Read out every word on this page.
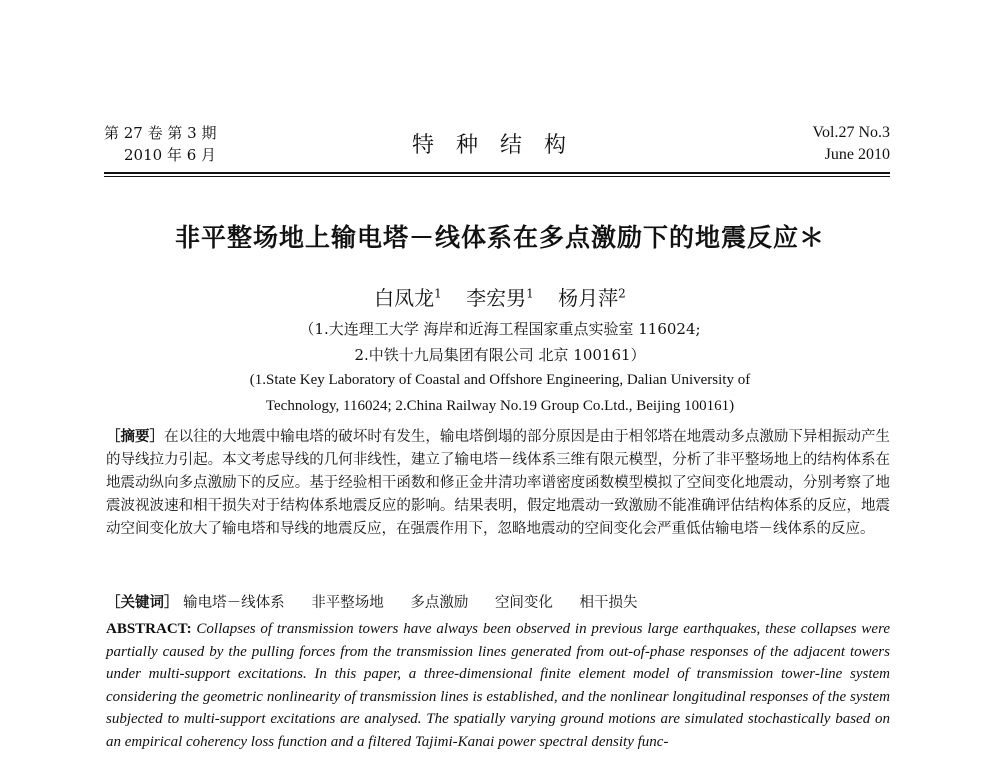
第 27 卷 第 3 期
2010 年 6 月	特种结构
Vol.27 No.3
June 2010
非平整场地上输电塔－线体系在多点激励下的地震反应＊
白凤龙$^1$ 李宏男$^1$ 杨月萍$^2$
（1.大连理工大学 海岸和近海工程国家重点实验室 116024;
2.中铁十九局集团有限公司 北京 100161）
(1.State Key Laboratory of Coastal and Offshore Engineering, Dalian University of
Technology, 116024; 2.China Railway No.19 Group Co.Ltd., Beijing 100161)
［摘要］在以往的大地震中输电塔的破坏时有发生，输电塔倒塌的部分原因是由于相邻塔在地震动多点激励下异相振动产生的导线拉力引起。本文考虑导线的几何非线性，建立了输电塔－线体系三维有限元模型，分析了非平整场地上的结构体系在地震动纵向多点激励下的反应。基于经验相干函数和修正金井清功率谱密度函数模型模拟了空间变化地震动，分别考察了地震波视波速和相干损失对于结构体系地震反应的影响。结果表明，假定地震动一致激励不能准确评估结构体系的反应，地震动空间变化放大了输电塔和导线的地震反应，在强震作用下，忽略地震动的空间变化会严重低估输电塔－线体系的反应。
［关键词］ 输电塔－线体系 非平整场地 多点激励 空间变化 相干损失
ABSTRACT: Collapses of transmission towers have always been observed in previous large earthquakes, these collapses were partially caused by the pulling forces from the transmission lines generated from out-of-phase responses of the adjacent towers under multi-support excitations. In this paper, a three-dimensional finite element model of transmission tower-line system considering the geometric nonlinearity of transmission lines is established, and the nonlinear longitudinal responses of the system subjected to multi-support excitations are analysed. The spatially varying ground motions are simulated stochastically based on an empirical coherency loss function and a filtered Tajimi-Kanai power spectral density func-
